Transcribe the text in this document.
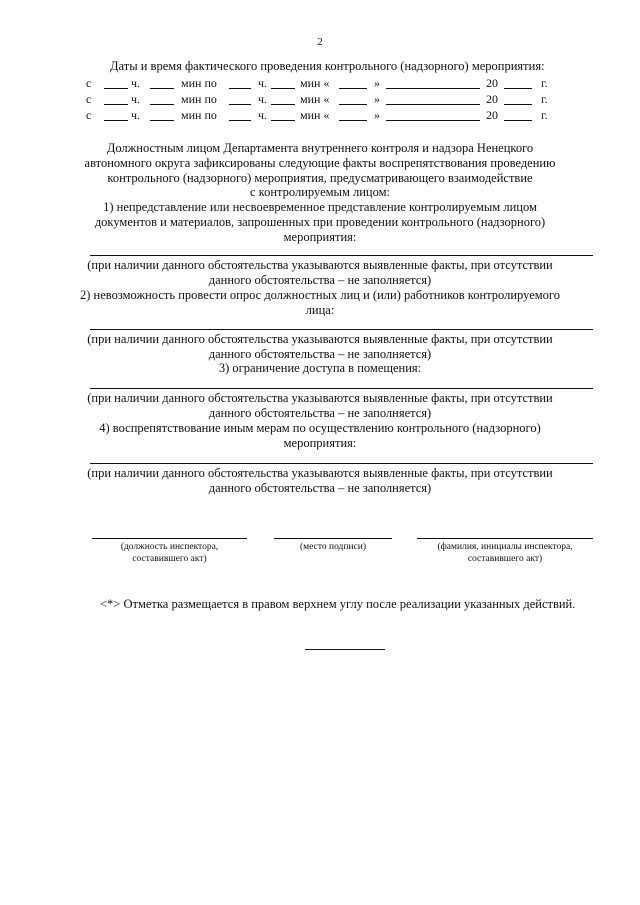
2
Даты и время фактического проведения контрольного (надзорного) мероприятия:
с	ч.	мин по	ч.	мин «	»	20	г.
с	ч.	мин по	ч.	мин «	»	20	г.
с	ч.	мин по	ч.	мин «	»	20	г.
Должностным лицом Департамента внутреннего контроля и надзора Ненецкого
автономного округа зафиксированы следующие факты воспрепятствования проведению
контрольного (надзорного) мероприятия, предусматривающего взаимодействие
с контролируемым лицом:
1) непредставление или несвоевременное представление контролируемым лицом
документов и материалов, запрошенных при проведении контрольного (надзорного)
мероприятия:
(при наличии данного обстоятельства указываются выявленные факты, при отсутствии
данного обстоятельства – не заполняется)
2) невозможность провести опрос должностных лиц и (или) работников контролируемого
лица:
(при наличии данного обстоятельства указываются выявленные факты, при отсутствии
данного обстоятельства – не заполняется)
3) ограничение доступа в помещения:
(при наличии данного обстоятельства указываются выявленные факты, при отсутствии
данного обстоятельства – не заполняется)
4) воспрепятствование иным мерам по осуществлению контрольного (надзорного)
мероприятия:
(при наличии данного обстоятельства указываются выявленные факты, при отсутствии
данного обстоятельства – не заполняется)
(должность инспектора,
составившего акт)
(место подписи)	(фамилия, инициалы инспектора,
составившего акт)
<*> Отметка размещается в правом верхнем углу после реализации указанных действий.
